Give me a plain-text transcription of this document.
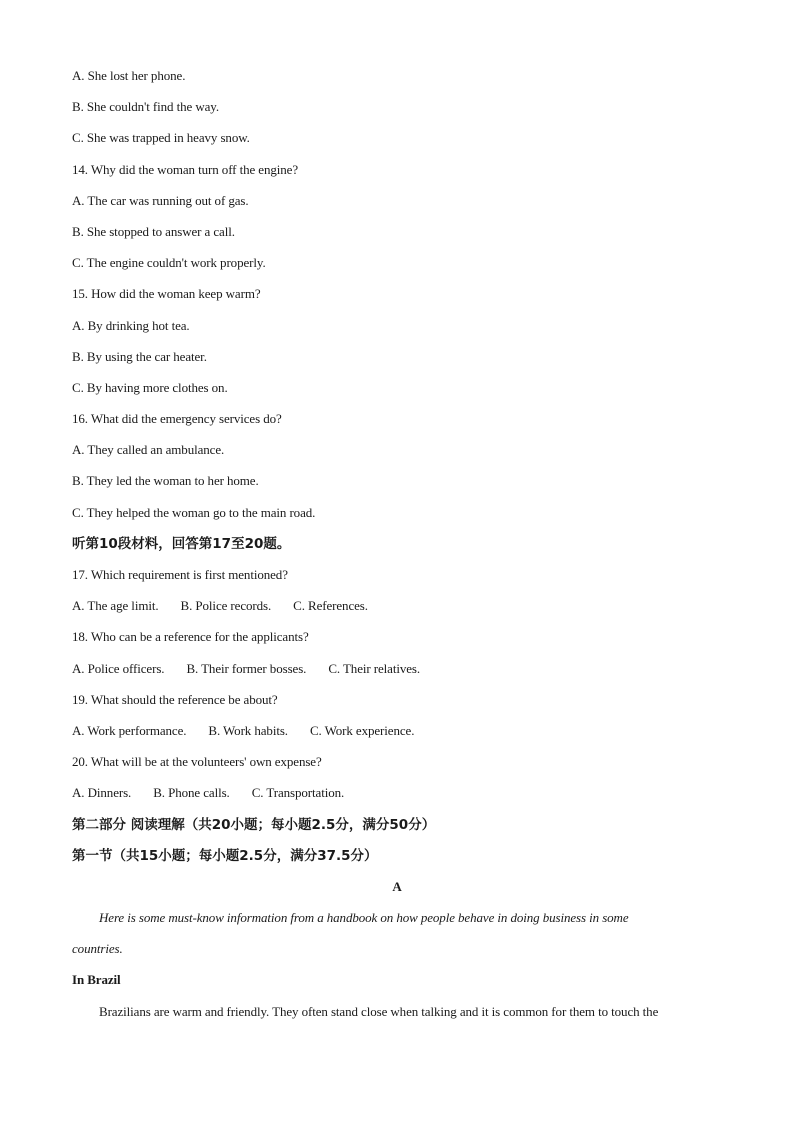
A. She lost her phone.
B. She couldn't find the way.
C. She was trapped in heavy snow.
14. Why did the woman turn off the engine?
A. The car was running out of gas.
B. She stopped to answer a call.
C. The engine couldn't work properly.
15. How did the woman keep warm?
A. By drinking hot tea.
B. By using the car heater.
C. By having more clothes on.
16. What did the emergency services do?
A. They called an ambulance.
B. They led the woman to her home.
C. They helped the woman go to the main road.
听第10段材料，回答第17至20题。
17. Which requirement is first mentioned?
A. The age limit. B. Police records. C. References.
18. Who can be a reference for the applicants?
A. Police officers. B. Their former bosses. C. Their relatives.
19. What should the reference be about?
A. Work performance. B. Work habits. C. Work experience.
20. What will be at the volunteers' own expense?
A. Dinners. B. Phone calls. C. Transportation.
第二部分 阅读理解（共20小题；每小题2.5分，满分50分）
第一节（共15小题；每小题2.5分，满分37.5分）
A
Here is some must-know information from a handbook on how people behave in doing business in some
countries.
In Brazil
Brazilians are warm and friendly. They often stand close when talking and it is common for them to touch the
